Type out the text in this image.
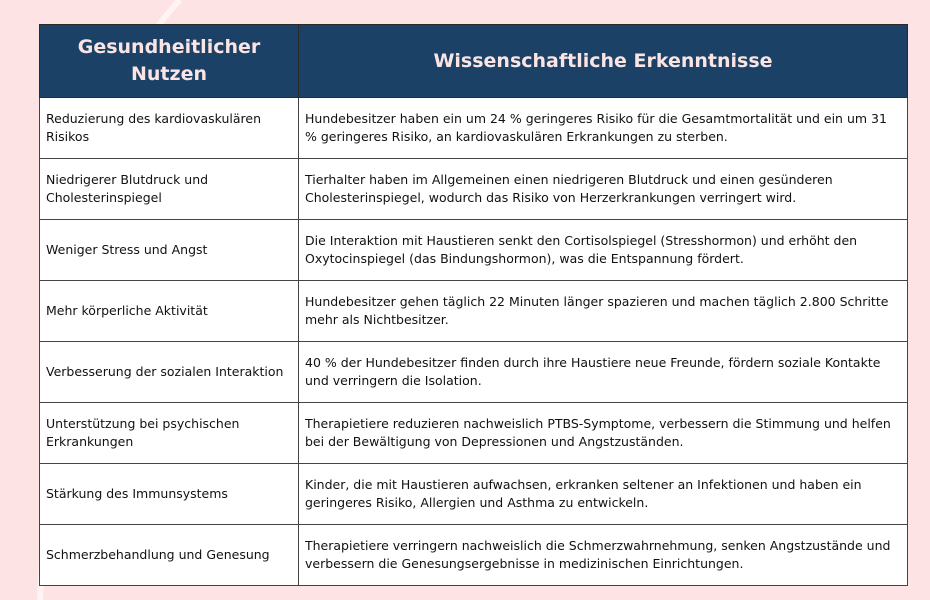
Gesundheitlicher Nutzen	Wissenschaftliche Erkenntnisse
Reduzierung des kardiovaskulären Risikos	Hundebesitzer haben ein um 24 % geringeres Risiko für die Gesamtmortalität und ein um 31 % geringeres Risiko, an kardiovaskulären Erkrankungen zu sterben.
Niedrigerer Blutdruck und Cholesterinspiegel	Tierhalter haben im Allgemeinen einen niedrigeren Blutdruck und einen gesünderen Cholesterinspiegel, wodurch das Risiko von Herzerkrankungen verringert wird.
Weniger Stress und Angst	Die Interaktion mit Haustieren senkt den Cortisolspiegel (Stresshormon) und erhöht den Oxytocinspiegel (das Bindungshormon), was die Entspannung fördert.
Mehr körperliche Aktivität	Hundebesitzer gehen täglich 22 Minuten länger spazieren und machen täglich 2.800 Schritte mehr als Nichtbesitzer.
Verbesserung der sozialen Interaktion	40 % der Hundebesitzer finden durch ihre Haustiere neue Freunde, fördern soziale Kontakte und verringern die Isolation.
Unterstützung bei psychischen Erkrankungen	Therapietiere reduzieren nachweislich PTBS-Symptome, verbessern die Stimmung und helfen bei der Bewältigung von Depressionen und Angstzuständen.
Stärkung des Immunsystems	Kinder, die mit Haustieren aufwachsen, erkranken seltener an Infektionen und haben ein geringeres Risiko, Allergien und Asthma zu entwickeln.
Schmerzbehandlung und Genesung	Therapietiere verringern nachweislich die Schmerzwahrnehmung, senken Angstzustände und verbessern die Genesungsergebnisse in medizinischen Einrichtungen.
